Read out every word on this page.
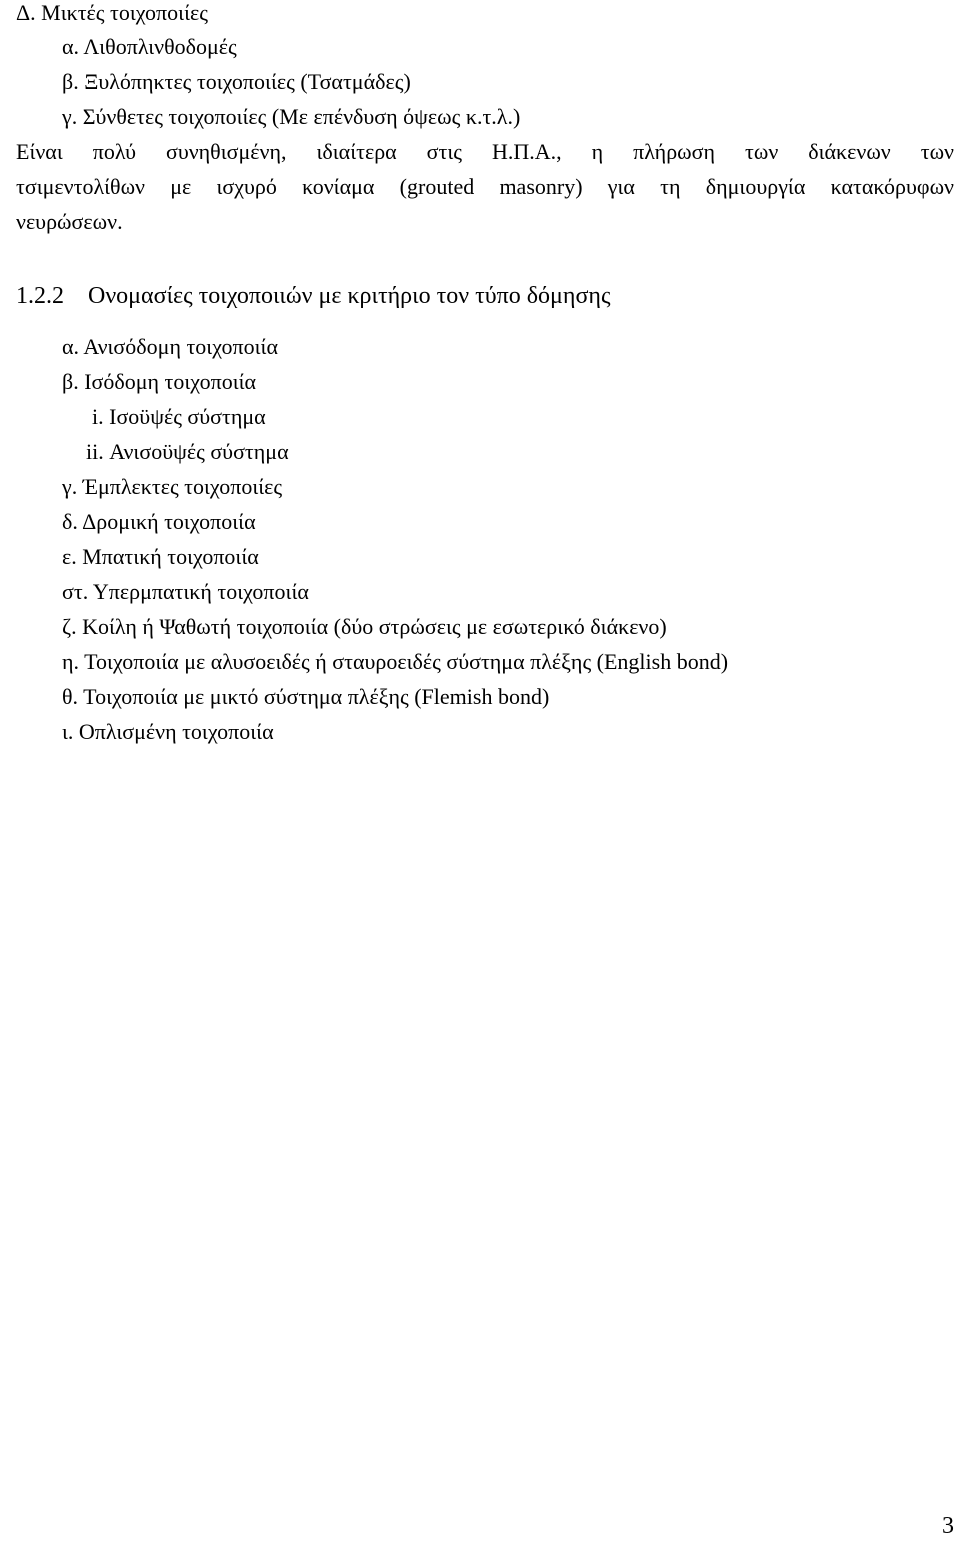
Δ. Μικτές τοιχοποιίες
α. Λιθοπλινθοδομές
β. Ξυλόπηκτες τοιχοποιίες (Τσατμάδες)
γ. Σύνθετες τοιχοποιίες (Με επένδυση όψεως κ.τ.λ.)
Είναι πολύ συνηθισμένη, ιδιαίτερα στις Η.Π.Α., η πλήρωση των διάκενων των
τσιμεντολίθων με ισχυρό κονίαμα (grouted masonry) για τη δημιουργία κατακόρυφων
νευρώσεων.
1.2.2 Ονομασίες τοιχοποιιών με κριτήριο τον τύπο δόμησης
α. Ανισόδομη τοιχοποιία
β. Ισόδομη τοιχοποιία
i. Ισοϋψές σύστημα
ii. Ανισοϋψές σύστημα
γ. Έμπλεκτες τοιχοποιίες
δ. Δρομική τοιχοποιία
ε. Μπατική τοιχοποιία
στ. Υπερμπατική τοιχοποιία
ζ. Κοίλη ή Ψαθωτή τοιχοποιία (δύο στρώσεις με εσωτερικό διάκενο)
η. Τοιχοποιία με αλυσοειδές ή σταυροειδές σύστημα πλέξης (English bond)
θ. Τοιχοποιία με μικτό σύστημα πλέξης (Flemish bond)
ι. Οπλισμένη τοιχοποιία
3
